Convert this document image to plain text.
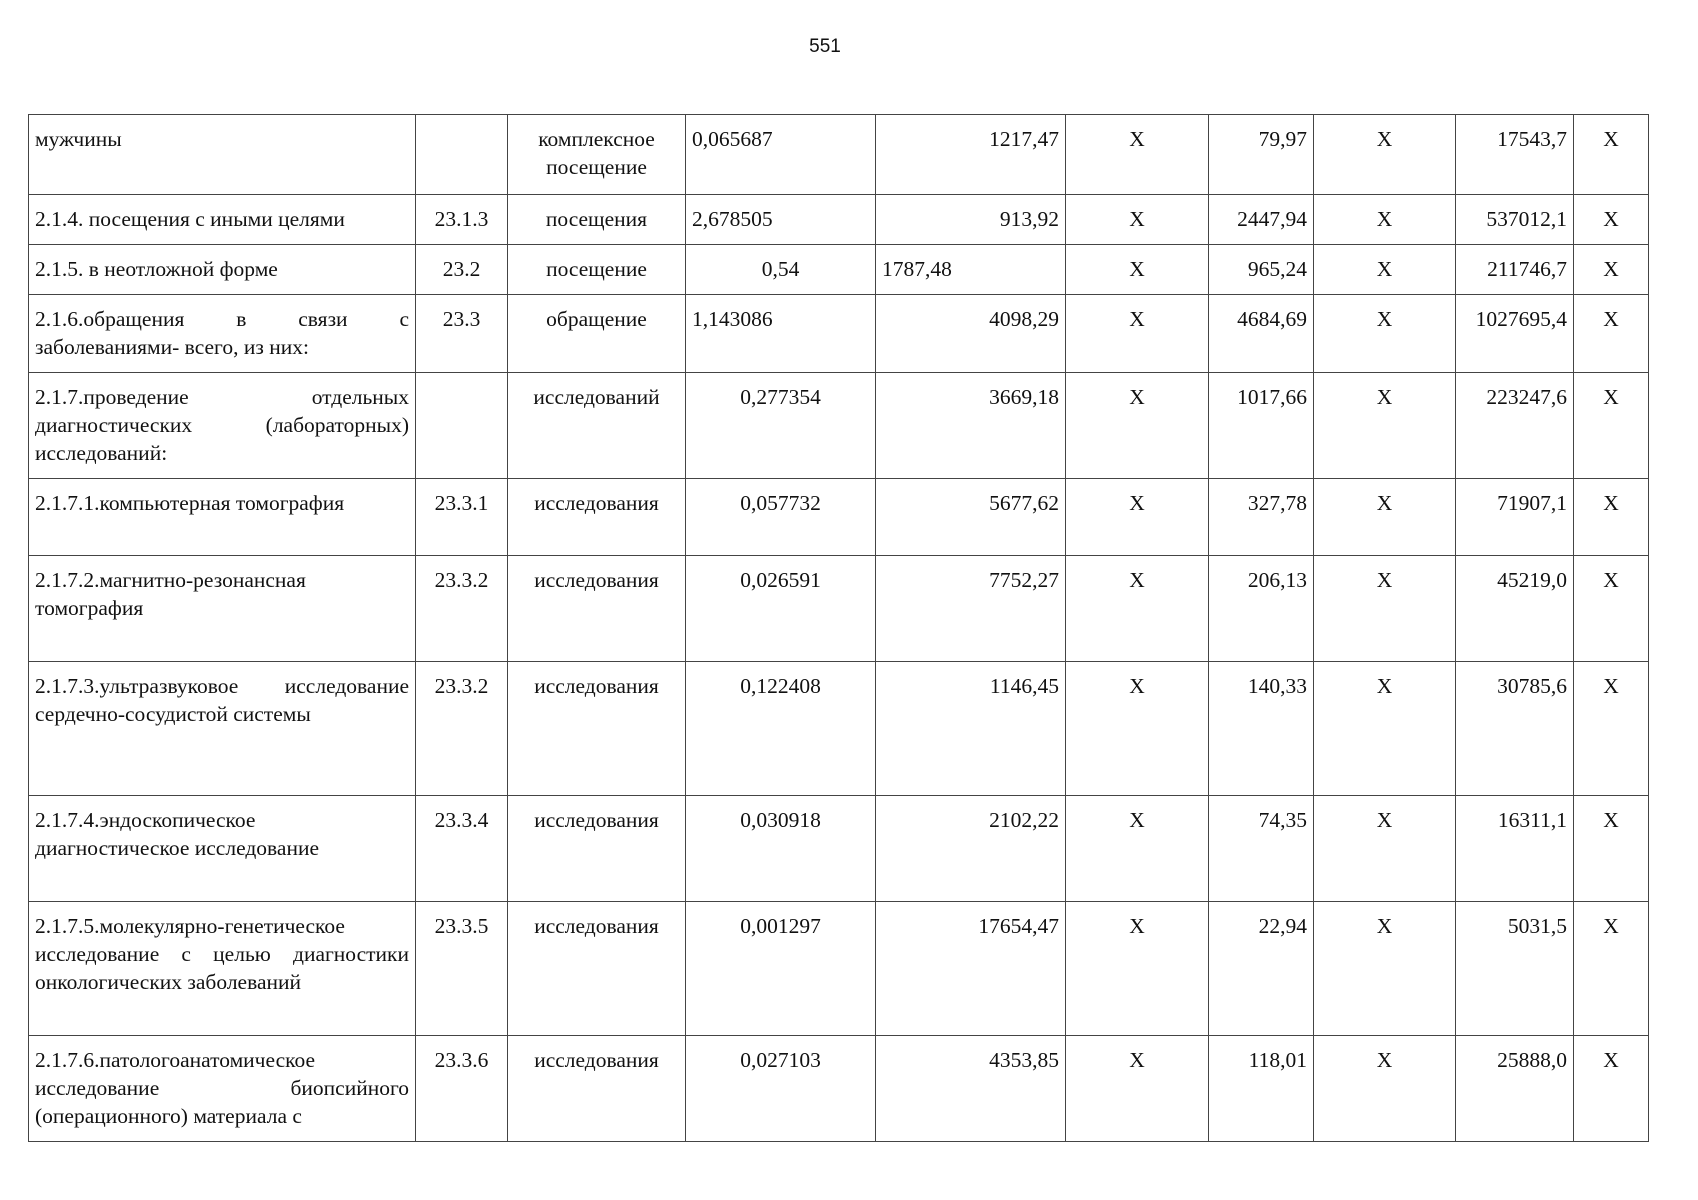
551
мужчины		комплексное посещение	0,065687	1217,47	X	79,97	X	17543,7	X
2.1.4. посещения с иными целями	23.1.3	посещения	2,678505	913,92	X	2447,94	X	537012,1	X
2.1.5. в неотложной форме	23.2	посещение	0,54	1787,48	X	965,24	X	211746,7	X
2.1.6.обращения в связи с заболеваниями- всего, из них:	23.3	обращение	1,143086	4098,29	X	4684,69	X	1027695,4	X
2.1.7.проведение отдельных диагностических (лабораторных) исследований:		исследований	0,277354	3669,18	X	1017,66	X	223247,6	X
2.1.7.1.компьютерная томография	23.3.1	исследования	0,057732	5677,62	X	327,78	X	71907,1	X
2.1.7.2.магнитно-резонансная томография	23.3.2	исследования	0,026591	7752,27	X	206,13	X	45219,0	X
2.1.7.3.ультразвуковое исследование сердечно-сосудистой системы	23.3.2	исследования	0,122408	1146,45	X	140,33	X	30785,6	X
2.1.7.4.эндоскопическое диагностическое исследование	23.3.4	исследования	0,030918	2102,22	X	74,35	X	16311,1	X
2.1.7.5.молекулярно-генетическое исследование с целью диагностики онкологических заболеваний	23.3.5	исследования	0,001297	17654,47	X	22,94	X	5031,5	X
2.1.7.6.патологоанатомическое исследование биопсийного (операционного) материала с	23.3.6	исследования	0,027103	4353,85	X	118,01	X	25888,0	X
